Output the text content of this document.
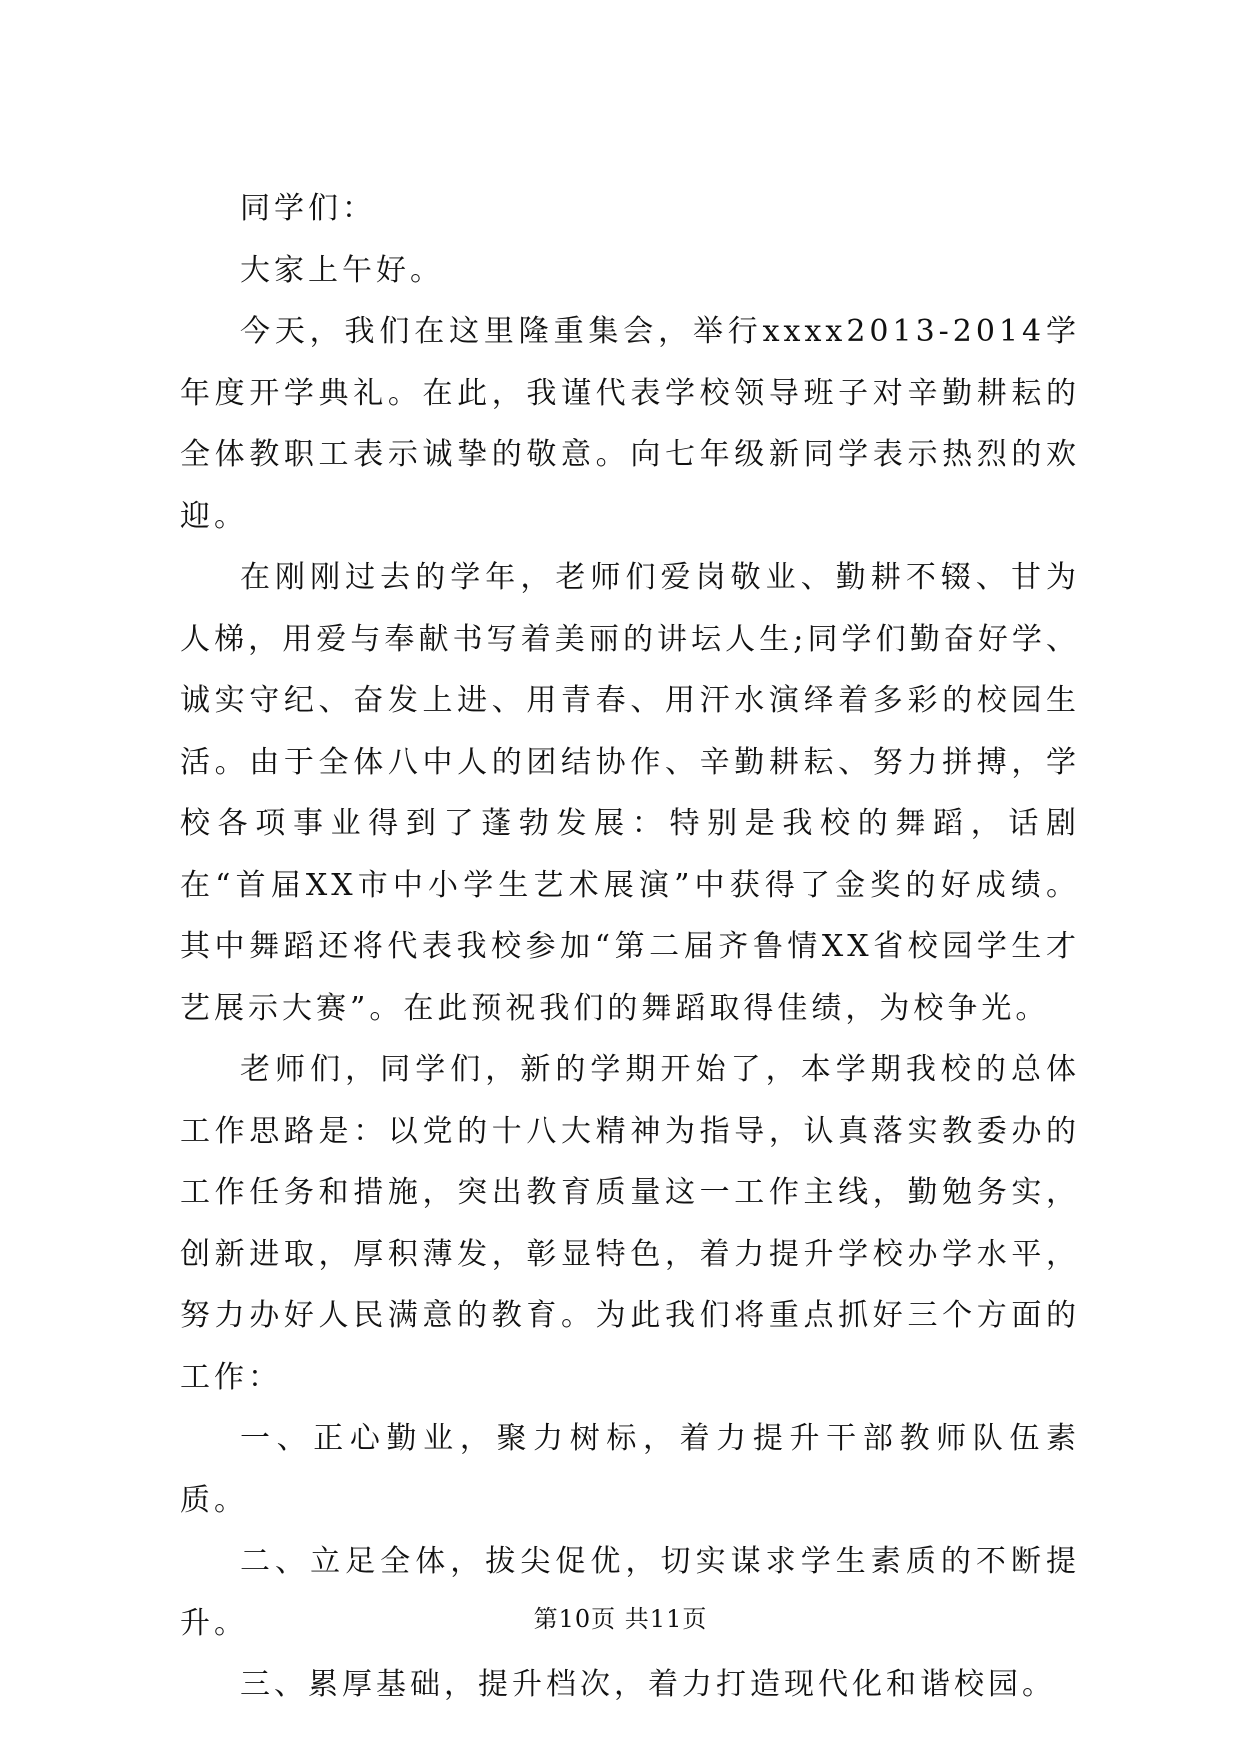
同学们：

大家上午好。

今天，我们在这里隆重集会，举行xxxx2013-2014学年度开学典礼。在此，我谨代表学校领导班子对辛勤耕耘的全体教职工表示诚挚的敬意。向七年级新同学表示热烈的欢迎。

在刚刚过去的学年，老师们爱岗敬业、勤耕不辍、甘为人梯，用爱与奉献书写着美丽的讲坛人生;同学们勤奋好学、诚实守纪、奋发上进、用青春、用汗水演绎着多彩的校园生活。由于全体八中人的团结协作、辛勤耕耘、努力拼搏，学校各项事业得到了蓬勃发展：特别是我校的舞蹈，话剧在“首届XX市中小学生艺术展演”中获得了金奖的好成绩。其中舞蹈还将代表我校参加“第二届齐鲁情XX省校园学生才艺展示大赛”。在此预祝我们的舞蹈取得佳绩，为校争光。

老师们，同学们，新的学期开始了，本学期我校的总体工作思路是：以党的十八大精神为指导，认真落实教委办的工作任务和措施，突出教育质量这一工作主线，勤勉务实，创新进取，厚积薄发，彰显特色，着力提升学校办学水平，努力办好人民满意的教育。为此我们将重点抓好三个方面的工作：

一、正心勤业，聚力树标，着力提升干部教师队伍素质。

二、立足全体，拔尖促优，切实谋求学生素质的不断提升。

三、累厚基础，提升档次，着力打造现代化和谐校园。

第10页 共11页
